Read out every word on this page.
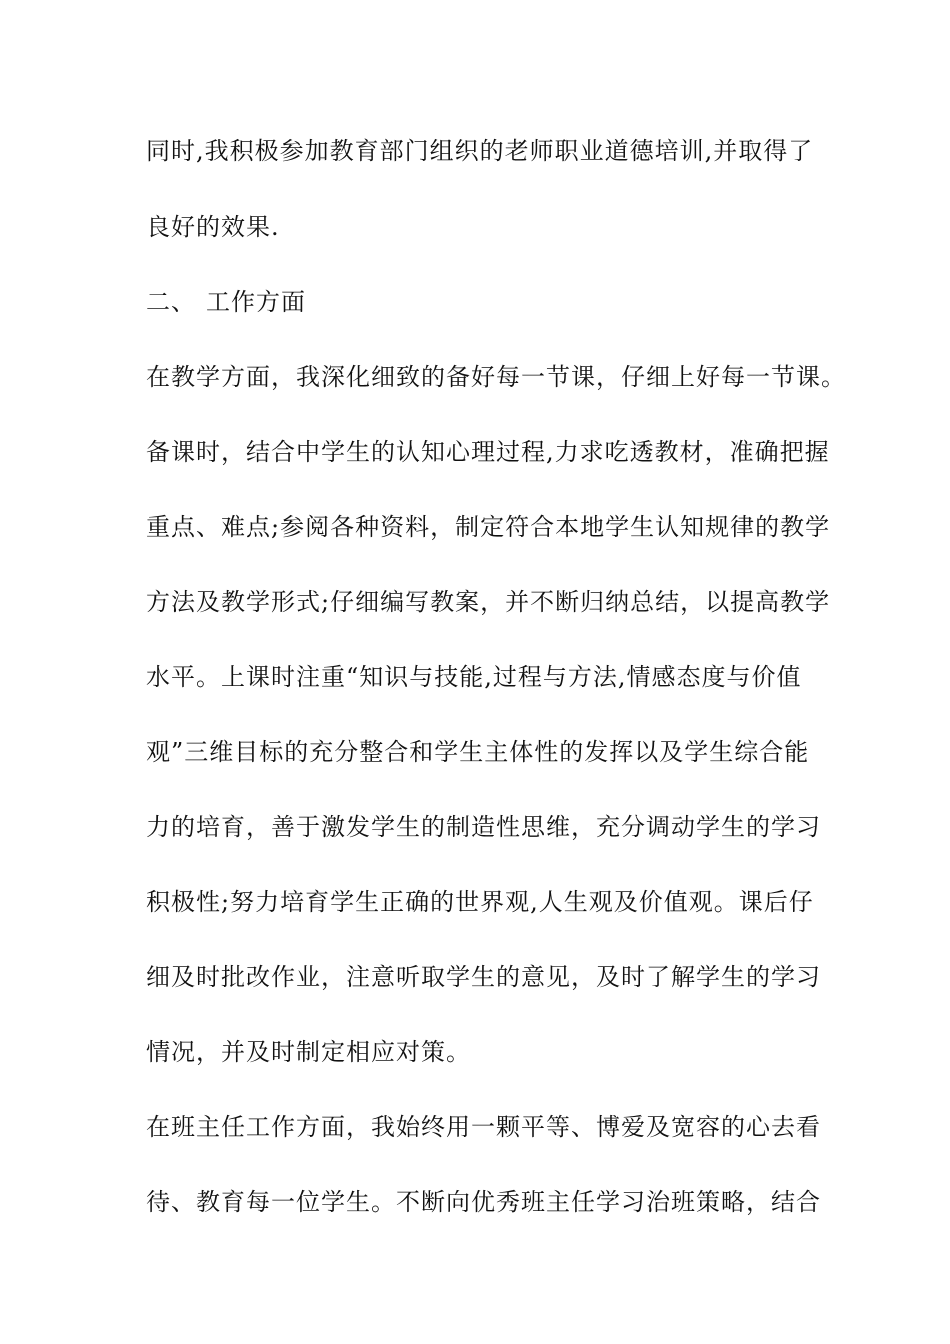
同时,我积极参加教育部门组织的老师职业道德培训,并取得了
良好的效果.
二、 工作方面
在教学方面，我深化细致的备好每一节课，仔细上好每一节课。
备课时，结合中学生的认知心理过程,力求吃透教材，准确把握
重点、难点;参阅各种资料，制定符合本地学生认知规律的教学
方法及教学形式;仔细编写教案，并不断归纳总结，以提高教学
水平。上课时注重“知识与技能,过程与方法,情感态度与价值
观”三维目标的充分整合和学生主体性的发挥以及学生综合能
力的培育，善于激发学生的制造性思维，充分调动学生的学习
积极性;努力培育学生正确的世界观,人生观及价值观。课后仔
细及时批改作业，注意听取学生的意见，及时了解学生的学习
情况，并及时制定相应对策。
在班主任工作方面，我始终用一颗平等、博爱及宽容的心去看
待、教育每一位学生。不断向优秀班主任学习治班策略，结合
